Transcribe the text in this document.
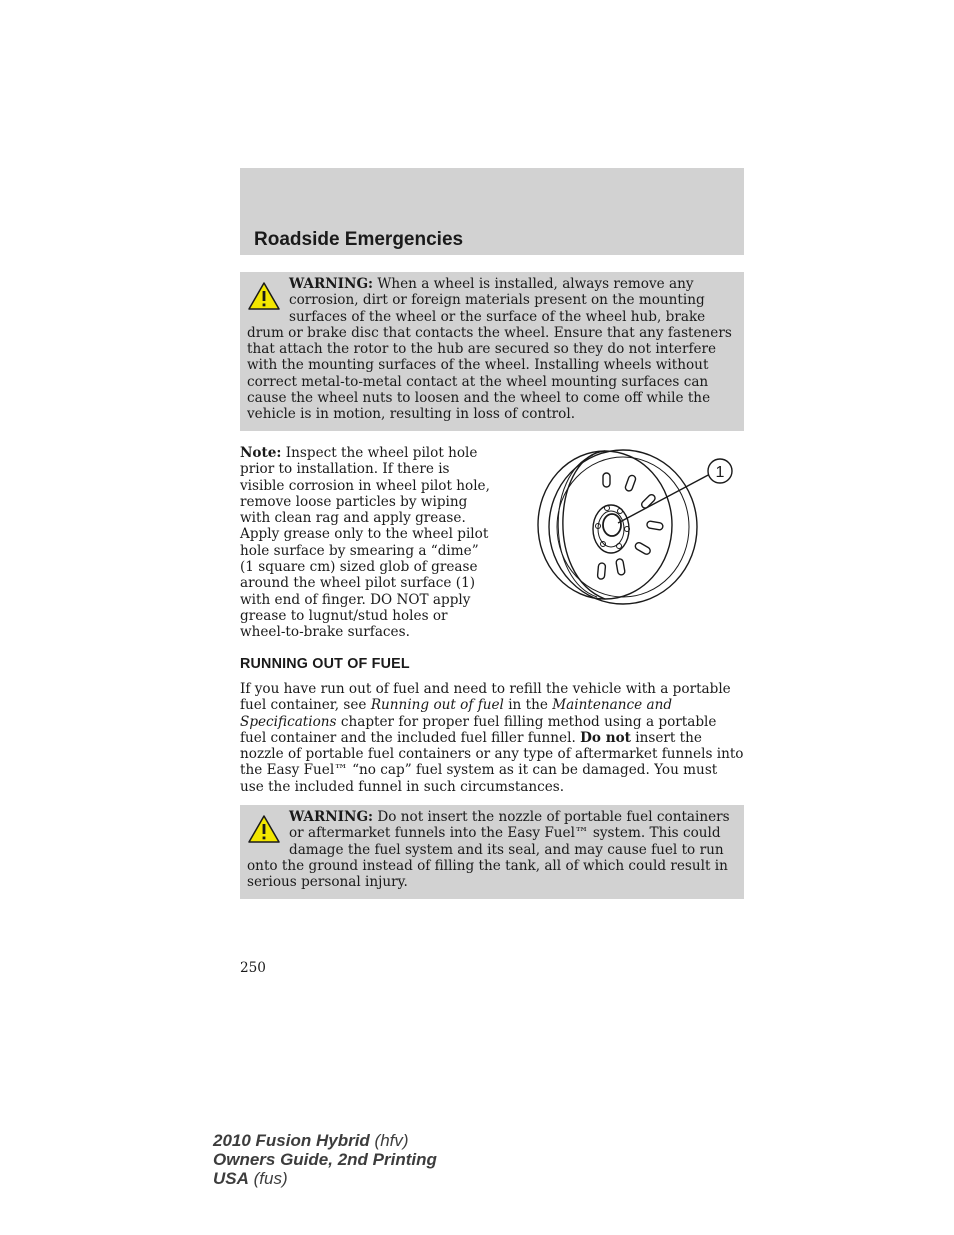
Roadside Emergencies
WARNING: When a wheel is installed, always remove any corrosion, dirt or foreign materials present on the mounting surfaces of the wheel or the surface of the wheel hub, brake drum or brake disc that contacts the wheel. Ensure that any fasteners that attach the rotor to the hub are secured so they do not interfere with the mounting surfaces of the wheel. Installing wheels without correct metal-to-metal contact at the wheel mounting surfaces can cause the wheel nuts to loosen and the wheel to come off while the vehicle is in motion, resulting in loss of control.
Note: Inspect the wheel pilot hole prior to installation. If there is visible corrosion in wheel pilot hole, remove loose particles by wiping with clean rag and apply grease. Apply grease only to the wheel pilot hole surface by smearing a “dime” (1 square cm) sized glob of grease around the wheel pilot surface (1) with end of finger. DO NOT apply grease to lugnut/stud holes or wheel-to-brake surfaces.
1
RUNNING OUT OF FUEL
If you have run out of fuel and need to refill the vehicle with a portable fuel container, see Running out of fuel in the Maintenance and Specifications chapter for proper fuel filling method using a portable fuel container and the included fuel filler funnel. Do not insert the nozzle of portable fuel containers or any type of aftermarket funnels into the Easy Fuel™ “no cap” fuel system as it can be damaged. You must use the included funnel in such circumstances.
WARNING: Do not insert the nozzle of portable fuel containers or aftermarket funnels into the Easy Fuel™ system. This could damage the fuel system and its seal, and may cause fuel to run onto the ground instead of filling the tank, all of which could result in serious personal injury.
250
2010 Fusion Hybrid (hfv)
Owners Guide, 2nd Printing
USA (fus)
